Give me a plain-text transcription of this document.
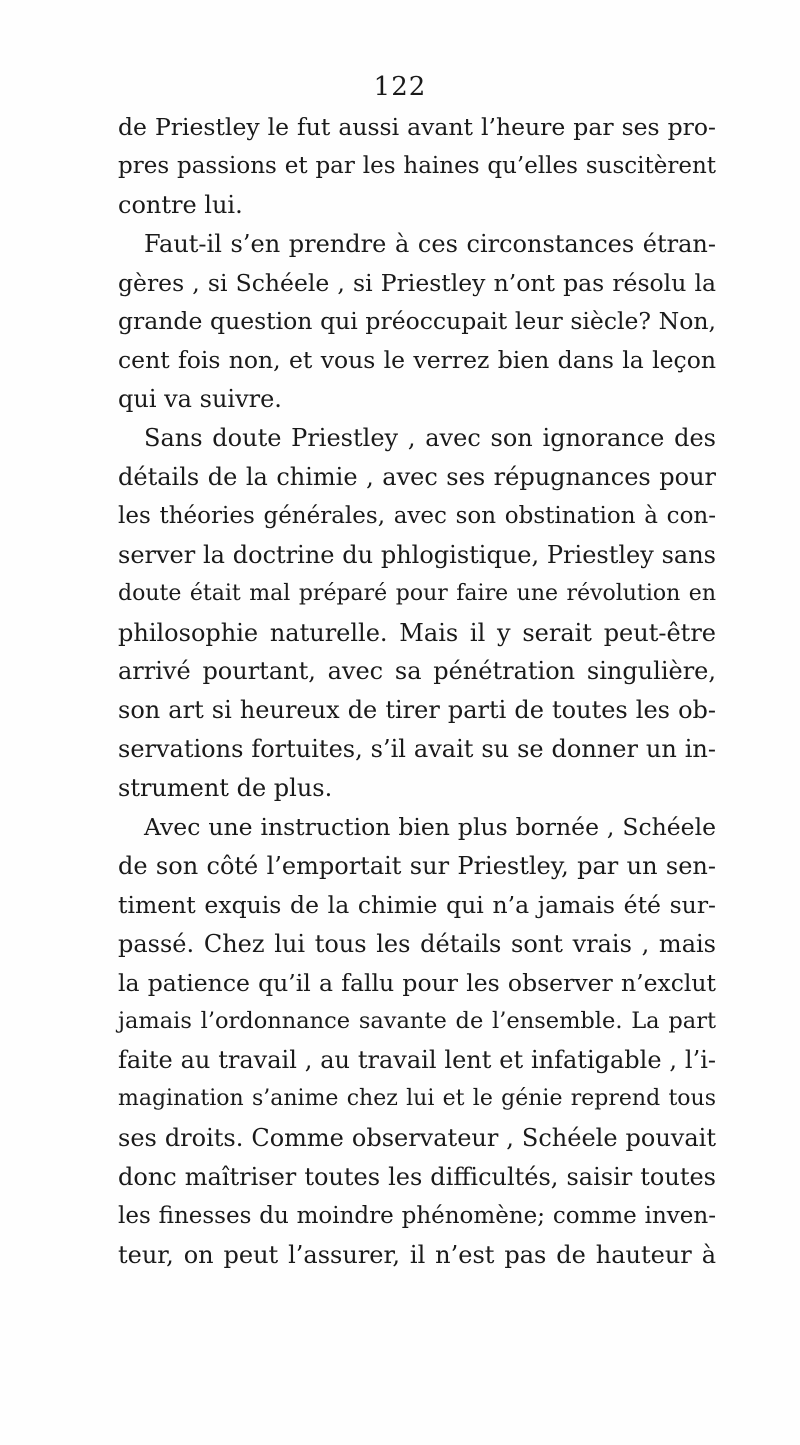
122
de Priestley le fut aussi avant l’heure par ses pro-
pres passions et par les haines qu’elles suscitèrent
contre lui.
Faut-il s’en prendre à ces circonstances étran-
gères , si Schéele , si Priestley n’ont pas résolu la
grande question qui préoccupait leur siècle? Non,
cent fois non, et vous le verrez bien dans la leçon
qui va suivre.
Sans doute Priestley , avec son ignorance des
détails de la chimie , avec ses répugnances pour
les théories générales, avec son obstination à con-
server la doctrine du phlogistique, Priestley sans
doute était mal préparé pour faire une révolution en
philosophie naturelle. Mais il y serait peut-être
arrivé pourtant, avec sa pénétration singulière,
son art si heureux de tirer parti de toutes les ob-
servations fortuites, s’il avait su se donner un in-
strument de plus.
Avec une instruction bien plus bornée , Schéele
de son côté l’emportait sur Priestley, par un sen-
timent exquis de la chimie qui n’a jamais été sur-
passé. Chez lui tous les détails sont vrais , mais
la patience qu’il a fallu pour les observer n’exclut
jamais l’ordonnance savante de l’ensemble. La part
faite au travail , au travail lent et infatigable , l’i-
magination s’anime chez lui et le génie reprend tous
ses droits. Comme observateur , Schéele pouvait
donc maîtriser toutes les difficultés, saisir toutes
les finesses du moindre phénomène; comme inven-
teur, on peut l’assurer, il n’est pas de hauteur à
